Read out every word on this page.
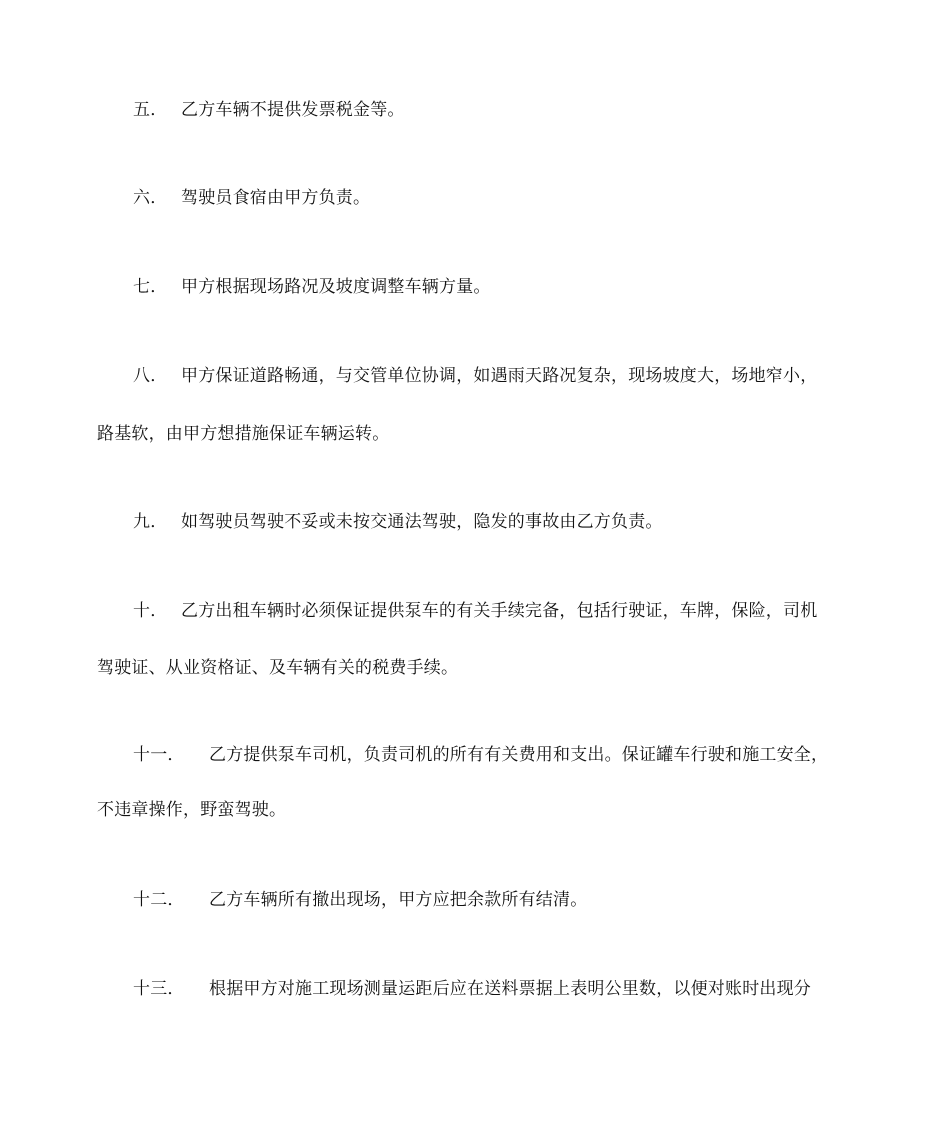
五． 乙方车辆不提供发票税金等。
六． 驾驶员食宿由甲方负责。
七． 甲方根据现场路况及坡度调整车辆方量。
八． 甲方保证道路畅通，与交管单位协调，如遇雨天路况复杂，现场坡度大，场地窄小，
路基软，由甲方想措施保证车辆运转。
九． 如驾驶员驾驶不妥或未按交通法驾驶，隐发的事故由乙方负责。
十． 乙方出租车辆时必须保证提供泵车的有关手续完备，包括行驶证，车牌，保险，司机
驾驶证、从业资格证、及车辆有关的税费手续。
十一． 乙方提供泵车司机，负责司机的所有有关费用和支出。保证罐车行驶和施工安全，
不违章操作，野蛮驾驶。
十二． 乙方车辆所有撤出现场，甲方应把余款所有结清。
十三． 根据甲方对施工现场测量运距后应在送料票据上表明公里数，以便对账时出现分
